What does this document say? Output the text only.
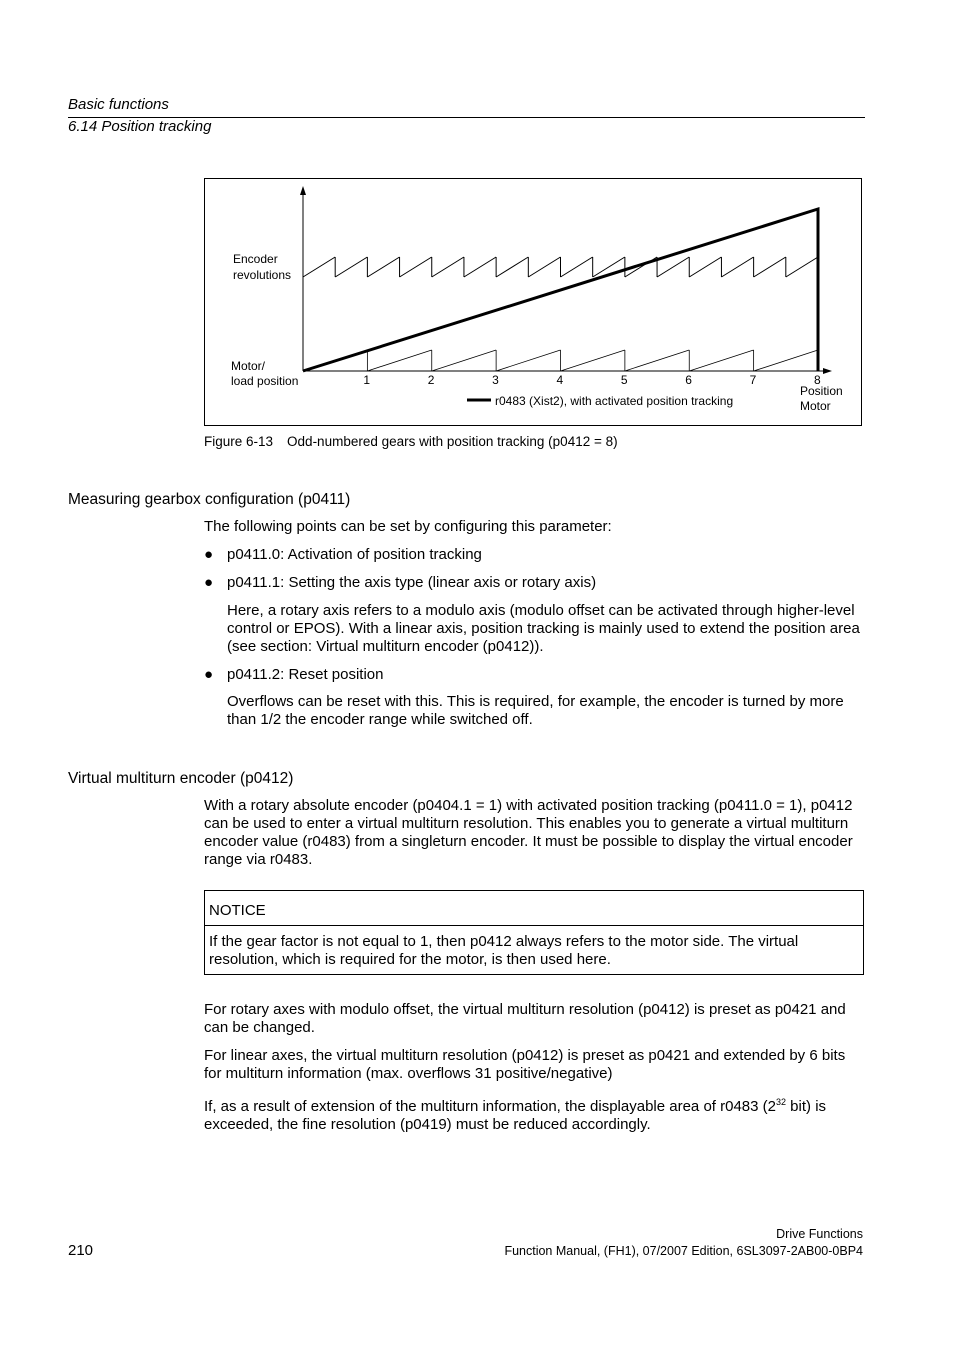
Basic functions
6.14 Position tracking
1	2	3	4	5	6	7	8
Encoder
revolutions
Motor/
load position
Position
Motor
r0483 (Xist2), with activated position tracking
Figure 6-13 Odd-numbered gears with position tracking (p0412 = 8)
Measuring gearbox configuration (p0411)
The following points can be set by configuring this parameter:
● p0411.0: Activation of position tracking
● p0411.1: Setting the axis type (linear axis or rotary axis)
Here, a rotary axis refers to a modulo axis (modulo offset can be activated through higher-level control or EPOS). With a linear axis, position tracking is mainly used to extend the position area (see section: Virtual multiturn encoder (p0412)).
● p0411.2: Reset position
Overflows can be reset with this. This is required, for example, the encoder is turned by more than 1/2 the encoder range while switched off.
Virtual multiturn encoder (p0412)
With a rotary absolute encoder (p0404.1 = 1) with activated position tracking (p0411.0 = 1), p0412 can be used to enter a virtual multiturn resolution. This enables you to generate a virtual multiturn encoder value (r0483) from a singleturn encoder. It must be possible to display the virtual encoder range via r0483.
NOTICE
If the gear factor is not equal to 1, then p0412 always refers to the motor side. The virtual resolution, which is required for the motor, is then used here.
For rotary axes with modulo offset, the virtual multiturn resolution (p0412) is preset as p0421 and can be changed.
For linear axes, the virtual multiturn resolution (p0412) is preset as p0421 and extended by 6 bits for multiturn information (max. overflows 31 positive/negative)
If, as a result of extension of the multiturn information, the displayable area of r0483 ($2^{32}$ bit) is exceeded, the fine resolution (p0419) must be reduced accordingly.
Drive Functions
210	Function Manual, (FH1), 07/2007 Edition, 6SL3097-2AB00-0BP4
